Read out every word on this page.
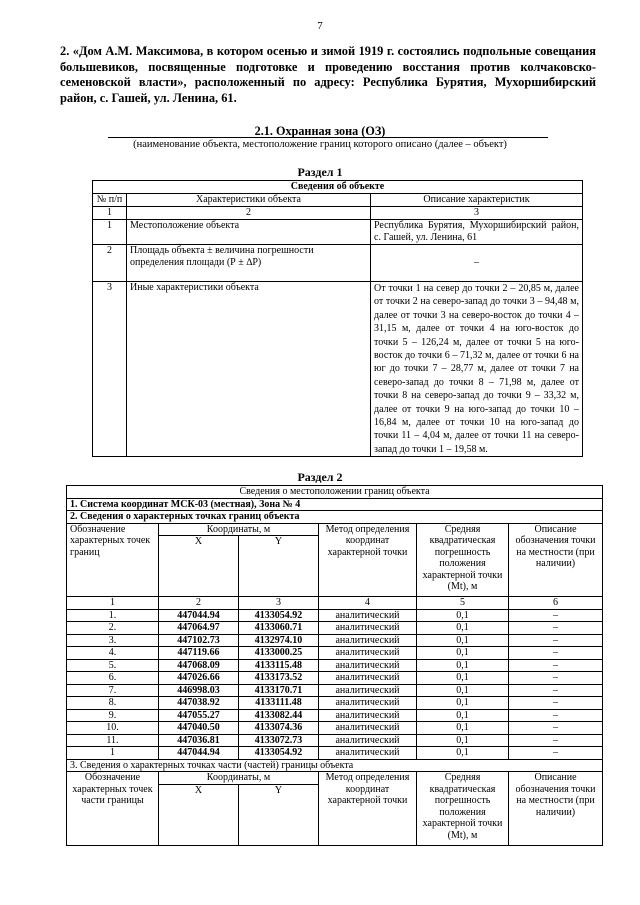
7
2. «Дом А.М. Максимова, в котором осенью и зимой 1919 г. состоялись подпольные совещания большевиков, посвященные подготовке и проведению восстания против колчаковско-семеновской власти», расположенный по адресу: Республика Бурятия, Мухоршибирский район, с. Гашей, ул. Ленина, 61.
2.1. Охранная зона (ОЗ)
(наименование объекта, местоположение границ которого описано (далее – объект)
Раздел 1
Сведения об объекте		
№ п/п	Характеристики объекта	Описание характеристик
1	2	3
1	Местоположение объекта	Республика Бурятия, Мухоршибирский район, с. Гашей, ул. Ленина, 61
2	Площадь объекта ± величина погрешности определения площади (Р ± ∆Р)	–
3	Иные характеристики объекта	От точки 1 на север до точки 2 – 20,85 м, далее от точки 2 на северо-запад до точки 3 – 94,48 м, далее от точки 3 на северо-восток до точки 4 – 31,15 м, далее от точки 4 на юго-восток до точки 5 – 126,24 м, далее от точки 5 на юго-восток до точки 6 – 71,32 м, далее от точки 6 на юг до точки 7 – 28,77 м, далее от точки 7 на северо-запад до точки 8 – 71,98 м, далее от точки 8 на северо-запад до точки 9 – 33,32 м, далее от точки 9 на юго-запад до точки 10 – 16,84 м, далее от точки 10 на юго-запад до точки 11 – 4,04 м, далее от точки 11 на северо-запад до точки 1 – 19,58 м.
Раздел 2
Сведения о местоположении границ объекта					
1. Система координат МСК-03 (местная), Зона № 4					
2. Сведения о характерных точках границ объекта					
Обозначение характерных точек границ	Координаты, м		Метод определения координат характерной точки	Средняя квадратическая погрешность положения характерной точки (Mt), м	Описание обозначения точки на местности (при наличии)
	X	Y			
1	2	3	4	5	6
1.	447044.94	4133054.92	аналитический	0,1	–
2.	447064.97	4133060.71	аналитический	0,1	–
3.	447102.73	4132974.10	аналитический	0,1	–
4.	447119.66	4133000.25	аналитический	0,1	–
5.	447068.09	4133115.48	аналитический	0,1	–
6.	447026.66	4133173.52	аналитический	0,1	–
7.	446998.03	4133170.71	аналитический	0,1	–
8.	447038.92	4133111.48	аналитический	0,1	–
9.	447055.27	4133082.44	аналитический	0,1	–
10.	447040.50	4133074.36	аналитический	0,1	–
11.	447036.81	4133072.73	аналитический	0,1	–
1	447044.94	4133054.92	аналитический	0,1	–
3. Сведения о характерных точках части (частей) границы объекта					
Обозначение характерных точек части границы	Координаты, м		Метод определения координат характерной точки	Средняя квадратическая погрешность положения характерной точки (Mt), м	Описание обозначения точки на местности (при наличии)
	X	Y			
